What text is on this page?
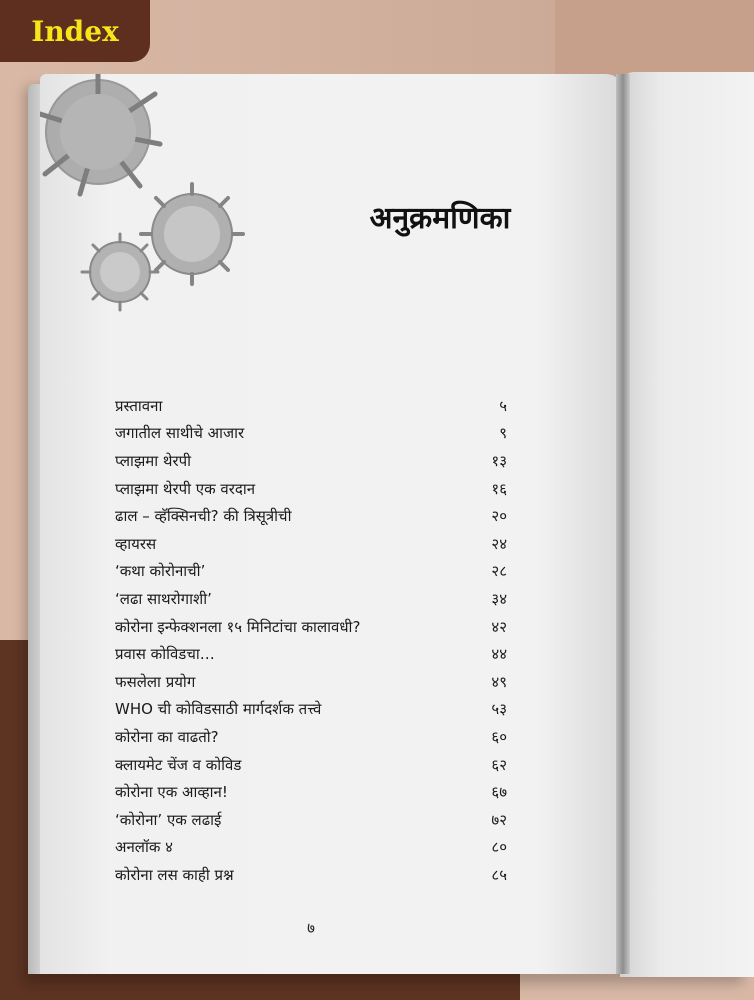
Index
अनुक्रमणिका
प्रस्तावना	५
जगातील साथीचे आजार	९
प्लाझमा थेरपी	१३
प्लाझमा थेरपी एक वरदान	१६
ढाल – व्हॅक्सिनची? की त्रिसूत्रीची	२०
व्हायरस	२४
‘कथा कोरोनाची’	२८
‘लढा साथरोगाशी’	३४
कोरोना इन्फेक्शनला १५ मिनिटांचा कालावधी?	४२
प्रवास कोविडचा…	४४
फसलेला प्रयोग	४९
WHO ची कोविडसाठी मार्गदर्शक तत्त्वे	५३
कोरोना का वाढतो?	६०
क्लायमेट चेंज व कोविड	६२
कोरोना एक आव्हान!	६७
‘कोरोना’ एक लढाई	७२
अनलॉक ४	८०
कोरोना लस काही प्रश्न	८५
७
